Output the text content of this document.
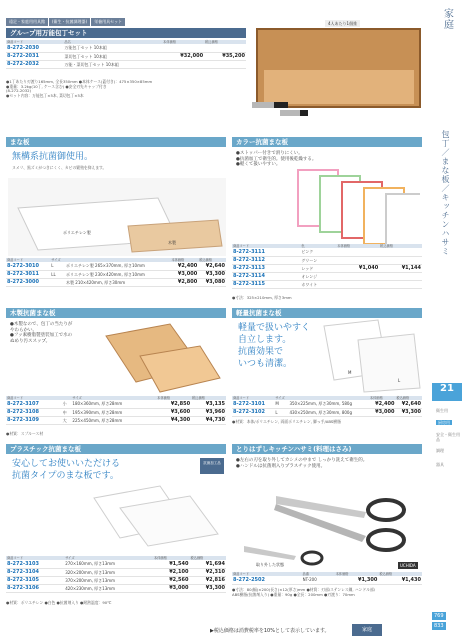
遠足・家庭用用具館	(衛生・抗菌調理器)	栄養用具セット	4人あたり1個推	家庭
包丁／まな板／キッチンハサミ
21
衛生用
厨房用
安全・衛生用品
調理
器具
グループ用万能包丁セット
商品コード	品名		本体価格	税込価格
8-272-2030	万能包丁セット 10本組			
8-272-2031	菜切包丁セット 10本組		¥32,000	¥35,200
8-272-2032	万能・菜切包丁セット 10本組			
●1丁あたり刃渡り165mm, 全長350mm ●本体ケース(蓋付き)：475×350×85mm
●重量：3.2kg(10丁, ケース含む) ●安全刃先キャップ付き
(8-272-2032)
●セット内容：万能包丁×5本, 菜切包丁×5本
まな板
無構系抗菌御使用。
ヌメリ、黒ズミがつきにくく、カビの繁殖を抑えます。
ポリエチレン製
木製
商品コード	サイズ		本体価格	税込価格
8-272-3010	L	ポリエチレン製 265×370mm, 厚さ10mm	¥2,400	¥2,640
8-272-3011	LL	ポリエチレン製 230×420mm, 厚さ10mm	¥3,000	¥3,300
8-272-3000		木製 210×420mm, 厚さ30mm	¥2,800	¥3,080
カラー抗菌まな板
●ストッパー付きで滑りにくい。
●抗菌加工で衛生的。使用後乾燥する。
●軽くて扱いやすい。
商品コード	色	本体価格	税込価格
8-272-3111	ピンク		
8-272-3112	グリーン		
8-272-3113	レッド	¥1,040	¥1,144
8-272-3114	オレンジ		
8-272-3115	ホワイト		
●寸法：325×210mm, 厚さ3mm
木製抗菌まな板
●木製なので、包丁の当たりが
やわらかい。
●フッ素樹脂製塗装加工で水の
ぬめり汚ススップ。
商品コード		サイズ	本体価格	税込価格
8-272-3107	小	180×360mm, 厚さ28mm	¥2,850	¥3,135
8-272-3108	中	195×390mm, 厚さ28mm	¥3,600	¥3,960
8-272-3109	大	225×450mm, 厚さ28mm	¥4,300	¥4,730
●材質：スプルース材
軽量抗菌まな板
軽量で扱いやすく
自立します。
抗菌効果で
いつも清潔。
M
L
商品コード	サイズ		本体価格	税込価格
8-272-3101	M	350×225mm, 厚さ30mm, 580g	¥2,400	¥2,640
8-272-3102	L	430×250mm, 厚さ30mm, 800g	¥3,000	¥3,300
●材質：本体/ポリエチレン, 両面ポリエチレン, 脚っ手/ABS樹脂
プラスチック抗菌まな板
安心してお使いいただける
抗菌タイプのまな板です。
抗菌加工品
商品コード	サイズ	本体価格	税込価格
8-272-3103	270×160mm, 厚さ13mm	¥1,540	¥1,694
8-272-3104	320×200mm, 厚さ13mm	¥2,100	¥2,310
8-272-3105	370×200mm, 厚さ13mm	¥2,560	¥2,816
8-272-3106	420×230mm, 厚さ13mm	¥3,000	¥3,300
●材質：ポリエチレン ●白色 ●抗菌剤入り ●耐熱温度：90℃
とりはずしキッチンハサミ(料理はさみ)
●左右の刃を取り外してカシメの中まで しっかり洗えて衛生的。
●ハンドルは抗菌剤入りプラスチック使用。
取り外した状態
商品コード	品番	本体価格	税込価格
8-272-2502	NT-200	¥1,300	¥1,430
●寸法：80(幅)×200(長さ)×12(厚さ)mm ●材質：刃部/ステンレス鋼, ハンドル部/
ABS樹脂(抗菌剤入り) ●重量：90g ●全長：200mm ●刃渡り：70mm
UCHIDA
▶税込価格は消費税率を10%として表示しています。	家庭
769
833
